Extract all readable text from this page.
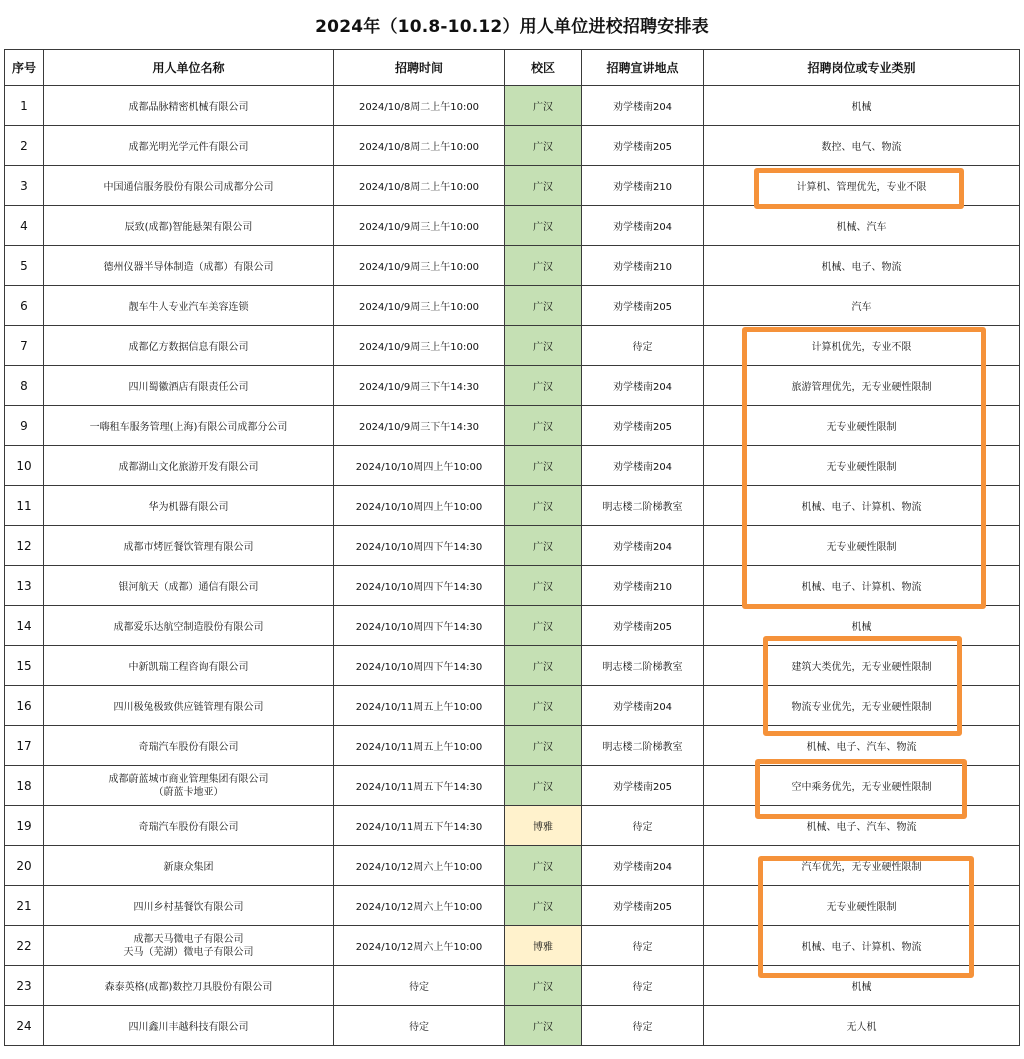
2024年（10.8-10.12）用人单位进校招聘安排表
序号	用人单位名称	招聘时间	校区	招聘宣讲地点	招聘岗位或专业类别
1	成都晶脉精密机械有限公司	2024/10/8周二上午10:00	广汉	劝学楼南204	机械
2	成都光明光学元件有限公司	2024/10/8周二上午10:00	广汉	劝学楼南205	数控、电气、物流
3	中国通信服务股份有限公司成都分公司	2024/10/8周二上午10:00	广汉	劝学楼南210	计算机、管理优先，专业不限
4	辰致(成都)智能悬架有限公司	2024/10/9周三上午10:00	广汉	劝学楼南204	机械、汽车
5	德州仪器半导体制造（成都）有限公司	2024/10/9周三上午10:00	广汉	劝学楼南210	机械、电子、物流
6	靓车牛人专业汽车美容连锁	2024/10/9周三上午10:00	广汉	劝学楼南205	汽车
7	成都亿方数据信息有限公司	2024/10/9周三上午10:00	广汉	待定	计算机优先，专业不限
8	四川蜀徽酒店有限责任公司	2024/10/9周三下午14:30	广汉	劝学楼南204	旅游管理优先，无专业硬性限制
9	一嗨租车服务管理(上海)有限公司成都分公司	2024/10/9周三下午14:30	广汉	劝学楼南205	无专业硬性限制
10	成都湖山文化旅游开发有限公司	2024/10/10周四上午10:00	广汉	劝学楼南204	无专业硬性限制
11	华为机器有限公司	2024/10/10周四上午10:00	广汉	明志楼二阶梯教室	机械、电子、计算机、物流
12	成都市烤匠餐饮管理有限公司	2024/10/10周四下午14:30	广汉	劝学楼南204	无专业硬性限制
13	银河航天（成都）通信有限公司	2024/10/10周四下午14:30	广汉	劝学楼南210	机械、电子、计算机、物流
14	成都爱乐达航空制造股份有限公司	2024/10/10周四下午14:30	广汉	劝学楼南205	机械
15	中新凯瑞工程咨询有限公司	2024/10/10周四下午14:30	广汉	明志楼二阶梯教室	建筑大类优先，无专业硬性限制
16	四川极兔极致供应链管理有限公司	2024/10/11周五上午10:00	广汉	劝学楼南204	物流专业优先，无专业硬性限制
17	奇瑞汽车股份有限公司	2024/10/11周五上午10:00	广汉	明志楼二阶梯教室	机械、电子、汽车、物流
18	成都蔚蓝城市商业管理集团有限公司
（蔚蓝卡地亚）	2024/10/11周五下午14:30	广汉	劝学楼南205	空中乘务优先，无专业硬性限制
19	奇瑞汽车股份有限公司	2024/10/11周五下午14:30	博雅	待定	机械、电子、汽车、物流
20	新康众集团	2024/10/12周六上午10:00	广汉	劝学楼南204	汽车优先，无专业硬性限制
21	四川乡村基餐饮有限公司	2024/10/12周六上午10:00	广汉	劝学楼南205	无专业硬性限制
22	成都天马微电子有限公司
天马（芜湖）微电子有限公司	2024/10/12周六上午10:00	博雅	待定	机械、电子、计算机、物流
23	森泰英格(成都)数控刀具股份有限公司	待定	广汉	待定	机械
24	四川鑫川丰越科技有限公司	待定	广汉	待定	无人机
